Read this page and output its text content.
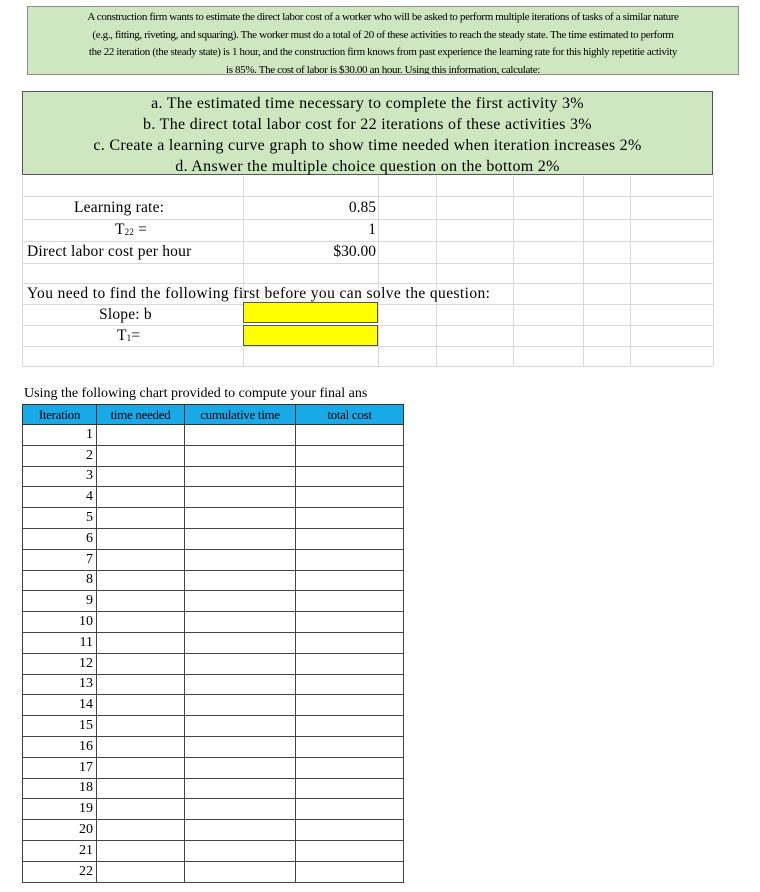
A construction firm wants to estimate the direct labor cost of a worker who will be asked to perform multiple iterations of tasks of a similar nature
(e.g., fitting, riveting, and squaring). The worker must do a total of 20 of these activities to reach the steady state. The time estimated to perform
the 22 iteration (the steady state) is 1 hour, and the construction firm knows from past experience the learning rate for this highly repetitie activity
is 85%. The cost of labor is $30.00 an hour. Using this information, calculate:
a. The estimated time necessary to complete the first activity 3%
b. The direct total labor cost for 22 iterations of these activities 3%
c. Create a learning curve graph to show time needed when iteration increases 2%
d. Answer the multiple choice question on the bottom 2%
Learning rate:	0.85
$T_{22}$ =	1
Direct labor cost per hour	$30.00
You need to find the following first before you can solve the question:
Slope: b
$T_1=$
Using the following chart provided to compute your final ans
Iteration	time needed	cumulative time	total cost
1			
2			
3			
4			
5			
6			
7			
8			
9			
10			
11			
12			
13			
14			
15			
16			
17			
18			
19			
20			
21			
22			
